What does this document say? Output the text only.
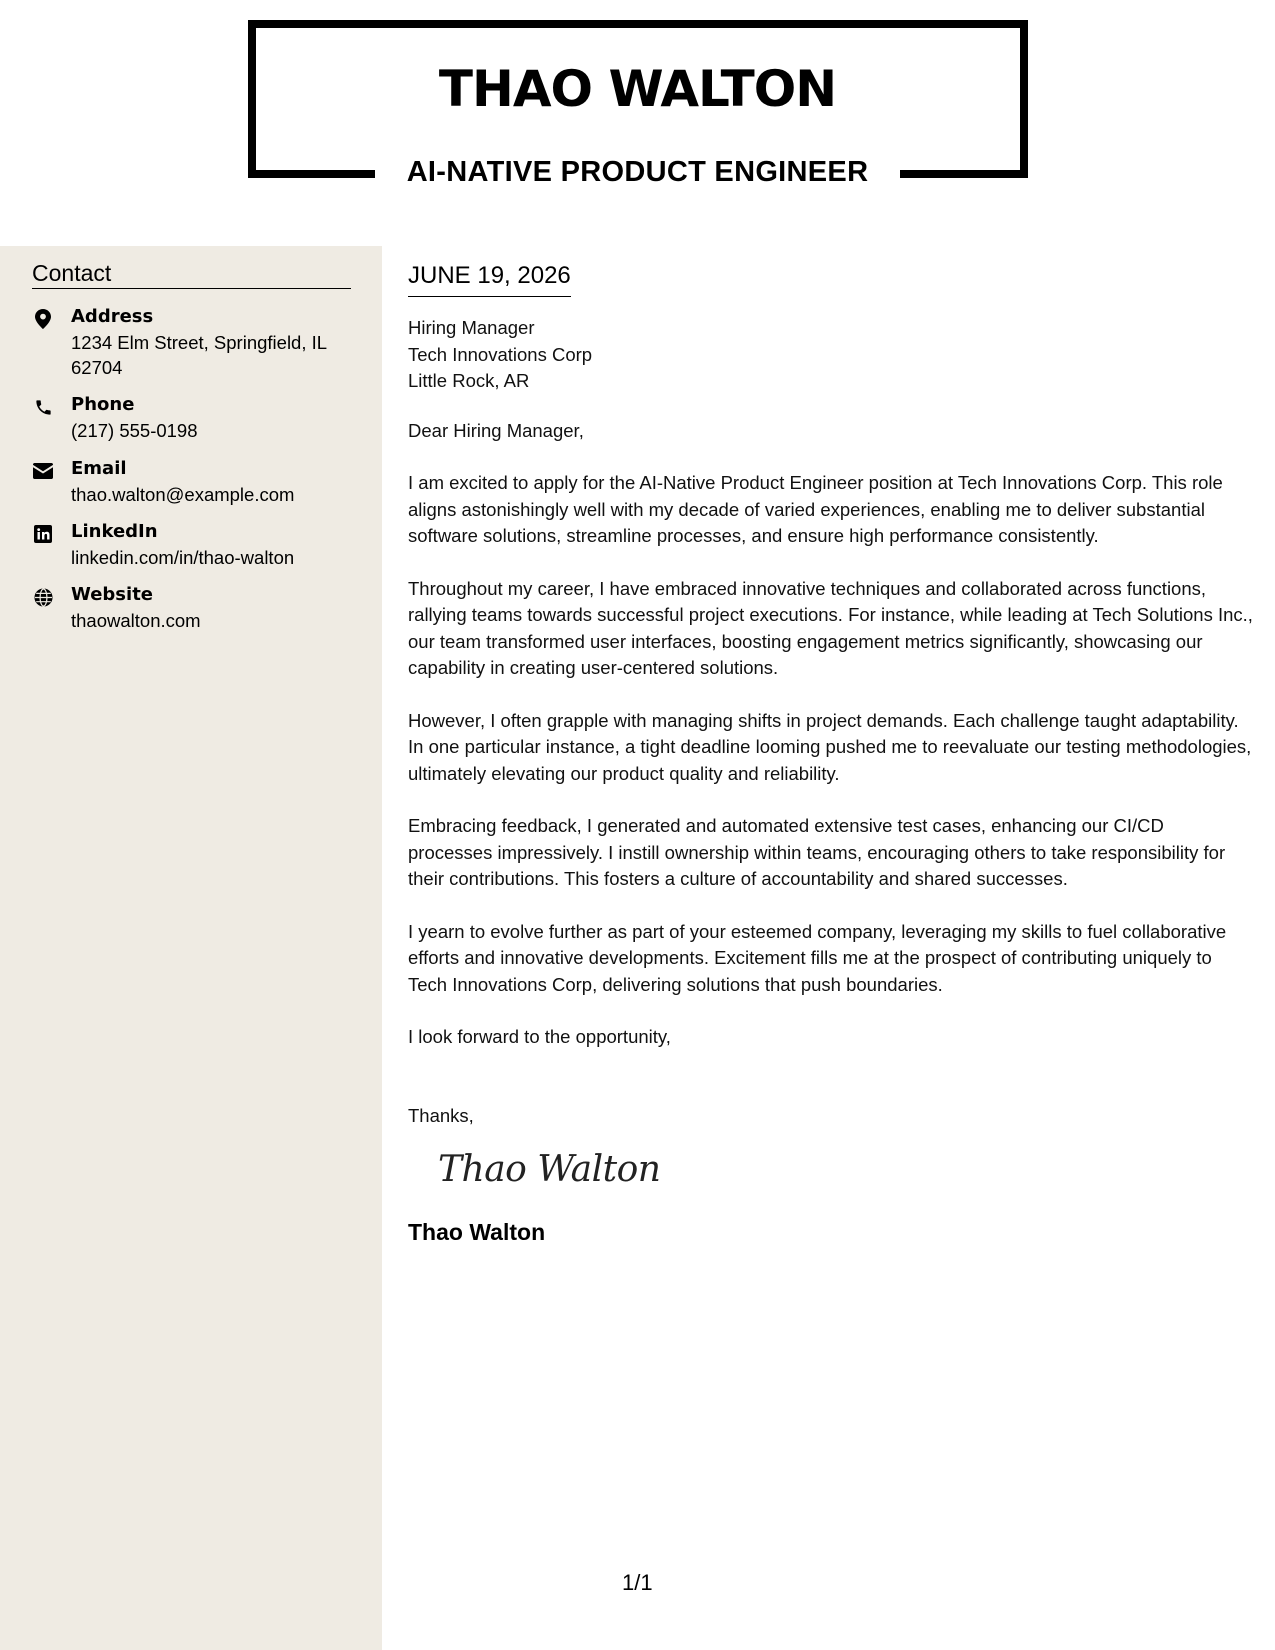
THAO WALTON
AI-NATIVE PRODUCT ENGINEER
Contact
Address
1234 Elm Street, Springfield, IL 62704
Phone
(217) 555-0198
Email
thao.walton@example.com
LinkedIn
linkedin.com/in/thao-walton
Website
thaowalton.com
JUNE 19, 2026
Hiring Manager
Tech Innovations Corp
Little Rock, AR
Dear Hiring Manager,
I am excited to apply for the AI-Native Product Engineer position at Tech Innovations Corp. This role aligns astonishingly well with my decade of varied experiences, enabling me to deliver substantial software solutions, streamline processes, and ensure high performance consistently.
Throughout my career, I have embraced innovative techniques and collaborated across functions, rallying teams towards successful project executions. For instance, while leading at Tech Solutions Inc., our team transformed user interfaces, boosting engagement metrics significantly, showcasing our capability in creating user-centered solutions.
However, I often grapple with managing shifts in project demands. Each challenge taught adaptability. In one particular instance, a tight deadline looming pushed me to reevaluate our testing methodologies, ultimately elevating our product quality and reliability.
Embracing feedback, I generated and automated extensive test cases, enhancing our CI/CD processes impressively. I instill ownership within teams, encouraging others to take responsibility for their contributions. This fosters a culture of accountability and shared successes.
I yearn to evolve further as part of your esteemed company, leveraging my skills to fuel collaborative efforts and innovative developments. Excitement fills me at the prospect of contributing uniquely to Tech Innovations Corp, delivering solutions that push boundaries.
I look forward to the opportunity,
Thanks,
Thao Walton
Thao Walton
1/1
